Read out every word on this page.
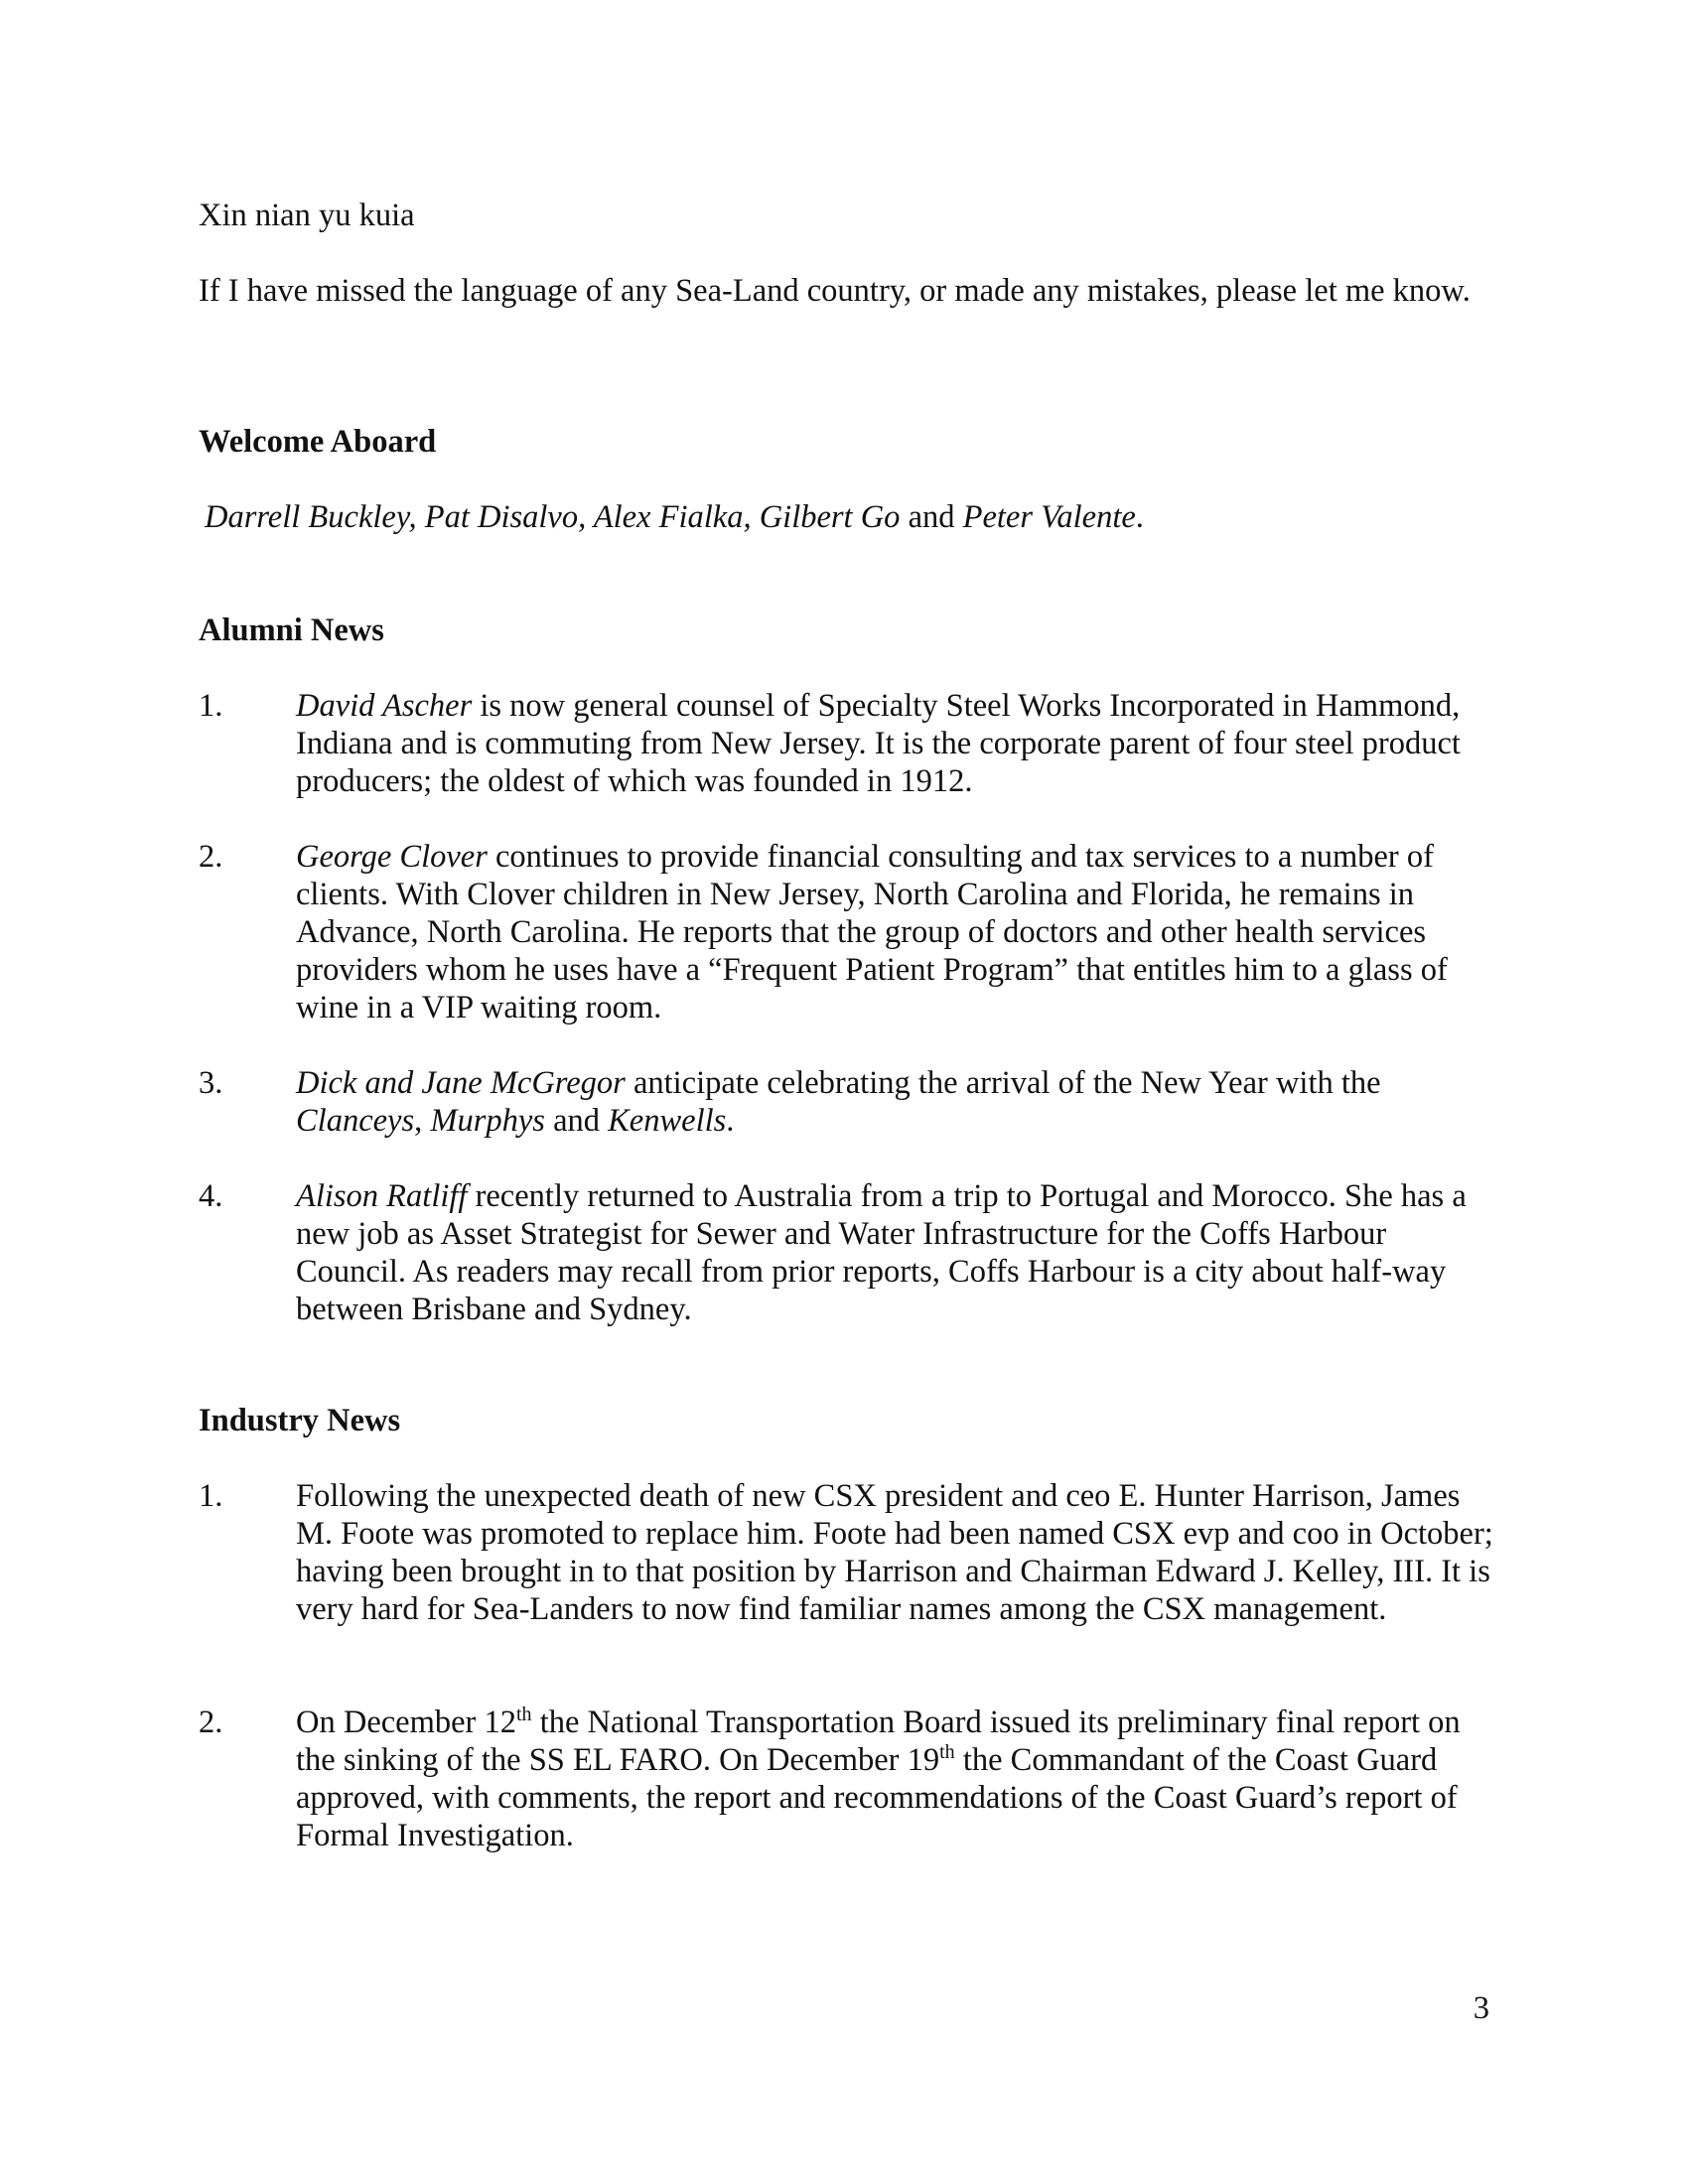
Xin nian yu kuia

If I have missed the language of any Sea-Land country, or made any mistakes, please let me know.

Welcome Aboard

Darrell Buckley, Pat Disalvo, Alex Fialka, Gilbert Go and Peter Valente.

Alumni News
1. David Ascher is now general counsel of Specialty Steel Works Incorporated in Hammond, Indiana and is commuting from New Jersey. It is the corporate parent of four steel product producers; the oldest of which was founded in 1912.
2. George Clover continues to provide financial consulting and tax services to a number of clients. With Clover children in New Jersey, North Carolina and Florida, he remains in Advance, North Carolina. He reports that the group of doctors and other health services providers whom he uses have a “Frequent Patient Program” that entitles him to a glass of wine in a VIP waiting room.
3. Dick and Jane McGregor anticipate celebrating the arrival of the New Year with the Clanceys, Murphys and Kenwells.
4. Alison Ratliff recently returned to Australia from a trip to Portugal and Morocco. She has a new job as Asset Strategist for Sewer and Water Infrastructure for the Coffs Harbour Council. As readers may recall from prior reports, Coffs Harbour is a city about half-way between Brisbane and Sydney.
Industry News
1. Following the unexpected death of new CSX president and ceo E. Hunter Harrison, James M. Foote was promoted to replace him. Foote had been named CSX evp and coo in October; having been brought in to that position by Harrison and Chairman Edward J. Kelley, III. It is very hard for Sea-Landers to now find familiar names among the CSX management.
2. On December 12th the National Transportation Board issued its preliminary final report on the sinking of the SS EL FARO. On December 19th the Commandant of the Coast Guard approved, with comments, the report and recommendations of the Coast Guard’s report of Formal Investigation.
3
